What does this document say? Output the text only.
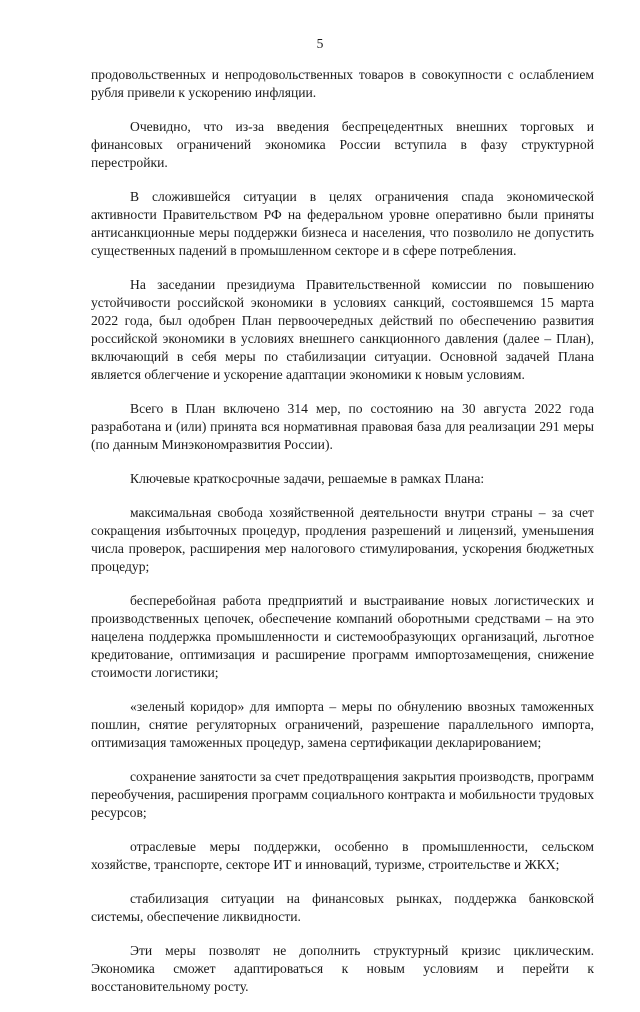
5

продовольственных и непродовольственных товаров в совокупности с ослаблением рубля привели к ускорению инфляции.

Очевидно, что из-за введения беспрецедентных внешних торговых и финансовых ограничений экономика России вступила в фазу структурной перестройки.

В сложившейся ситуации в целях ограничения спада экономической активности Правительством РФ на федеральном уровне оперативно были приняты антисанкционные меры поддержки бизнеса и населения, что позволило не допустить существенных падений в промышленном секторе и в сфере потребления.

На заседании президиума Правительственной комиссии по повышению устойчивости российской экономики в условиях санкций, состоявшемся 15 марта 2022 года, был одобрен План первоочередных действий по обеспечению развития российской экономики в условиях внешнего санкционного давления (далее – План), включающий в себя меры по стабилизации ситуации. Основной задачей Плана является облегчение и ускорение адаптации экономики к новым условиям.

Всего в План включено 314 мер, по состоянию на 30 августа 2022 года разработана и (или) принята вся нормативная правовая база для реализации 291 меры (по данным Минэкономразвития России).

Ключевые краткосрочные задачи, решаемые в рамках Плана:

максимальная свобода хозяйственной деятельности внутри страны – за счет сокращения избыточных процедур, продления разрешений и лицензий, уменьшения числа проверок, расширения мер налогового стимулирования, ускорения бюджетных процедур;

бесперебойная работа предприятий и выстраивание новых логистических и производственных цепочек, обеспечение компаний оборотными средствами – на это нацелена поддержка промышленности и системообразующих организаций, льготное кредитование, оптимизация и расширение программ импортозамещения, снижение стоимости логистики;

«зеленый коридор» для импорта – меры по обнулению ввозных таможенных пошлин, снятие регуляторных ограничений, разрешение параллельного импорта, оптимизация таможенных процедур, замена сертификации декларированием;

сохранение занятости за счет предотвращения закрытия производств, программ переобучения, расширения программ социального контракта и мобильности трудовых ресурсов;

отраслевые меры поддержки, особенно в промышленности, сельском хозяйстве, транспорте, секторе ИТ и инноваций, туризме, строительстве и ЖКХ;

стабилизация ситуации на финансовых рынках, поддержка банковской системы, обеспечение ликвидности.

Эти меры позволят не дополнить структурный кризис циклическим. Экономика сможет адаптироваться к новым условиям и перейти к восстановительному росту.
